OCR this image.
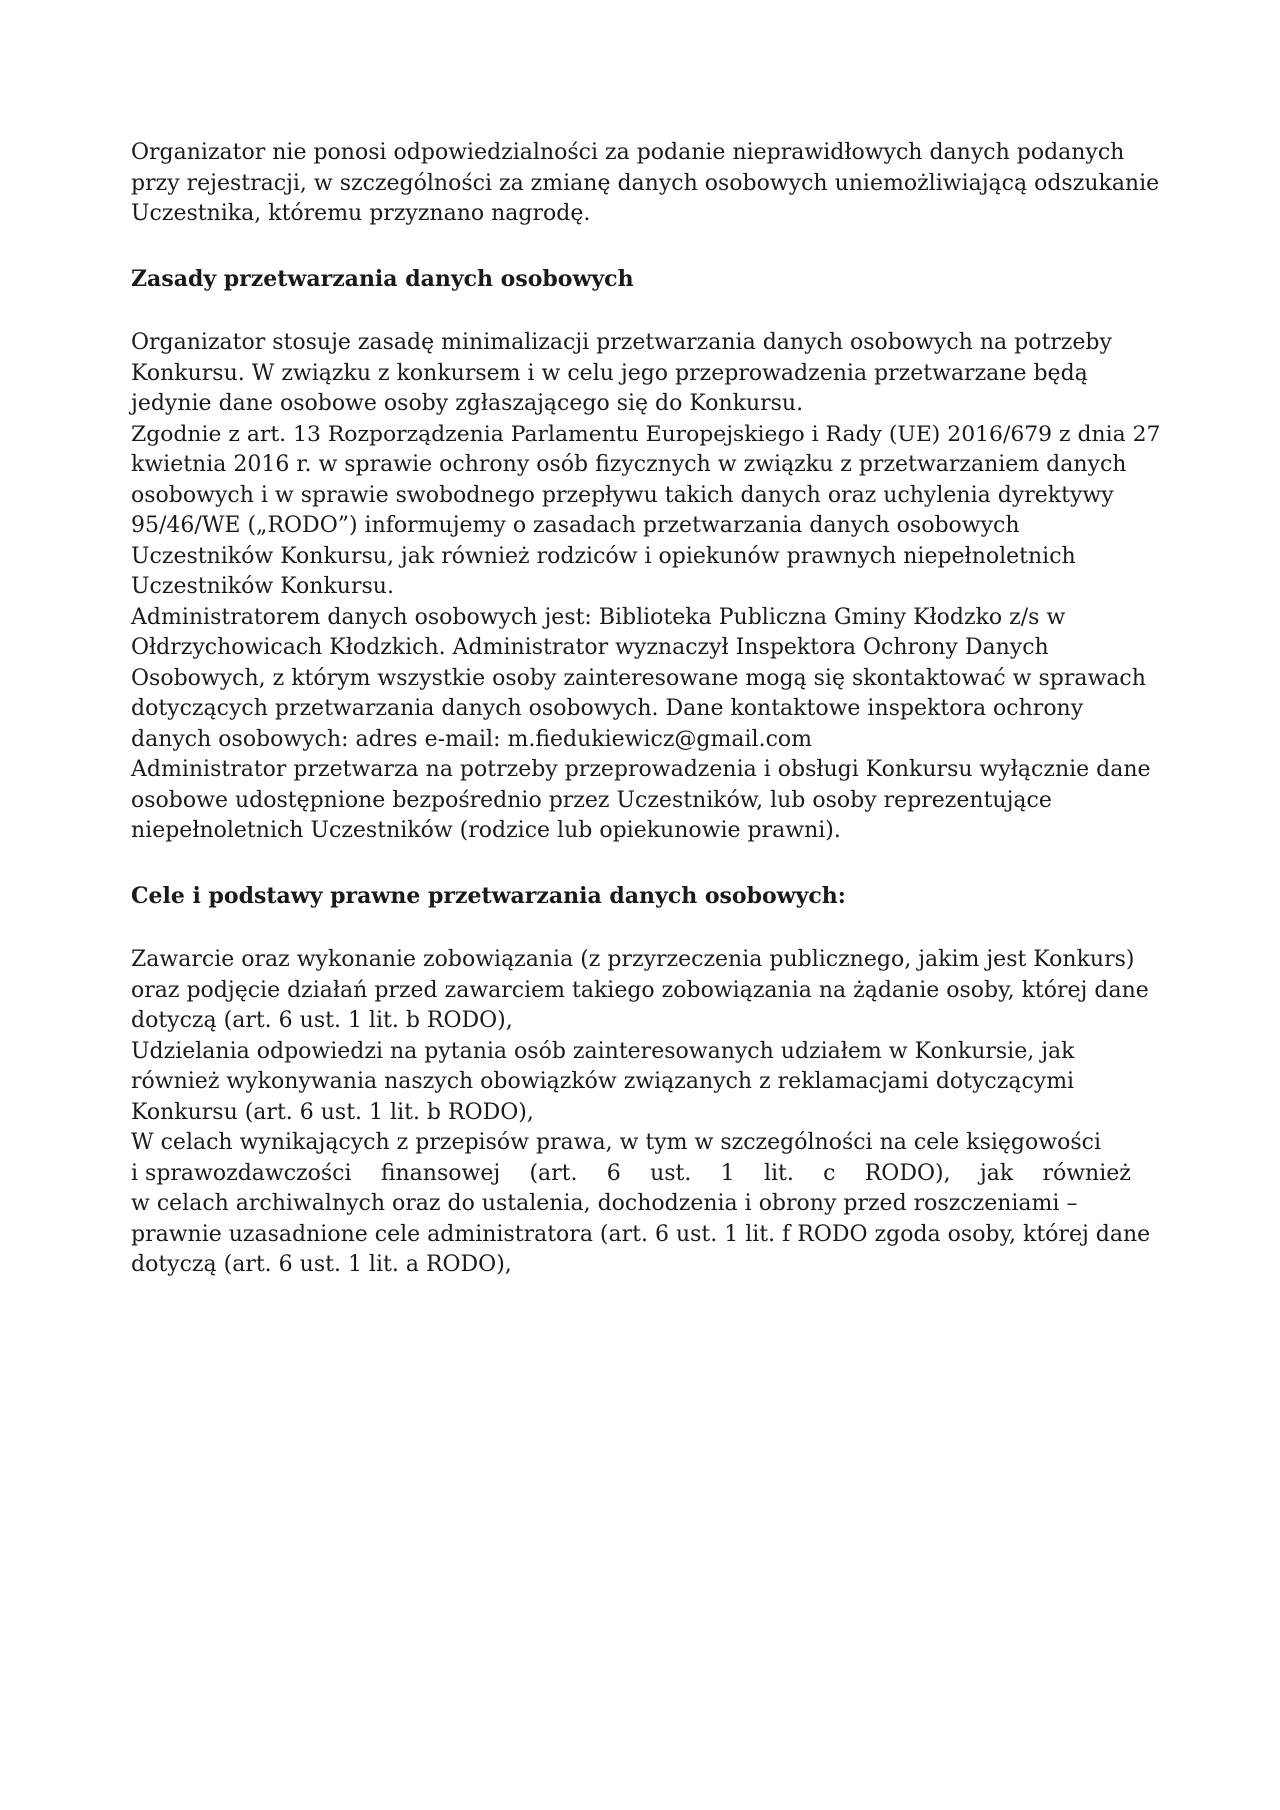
Organizator nie ponosi odpowiedzialności za podanie nieprawidłowych danych podanych
przy rejestracji, w szczególności za zmianę danych osobowych uniemożliwiającą odszukanie
Uczestnika, któremu przyznano nagrodę.
Zasady przetwarzania danych osobowych
Organizator stosuje zasadę minimalizacji przetwarzania danych osobowych na potrzeby
Konkursu. W związku z konkursem i w celu jego przeprowadzenia przetwarzane będą
jedynie dane osobowe osoby zgłaszającego się do Konkursu.
Zgodnie z art. 13 Rozporządzenia Parlamentu Europejskiego i Rady (UE) 2016/679 z dnia 27
kwietnia 2016 r. w sprawie ochrony osób fizycznych w związku z przetwarzaniem danych
osobowych i w sprawie swobodnego przepływu takich danych oraz uchylenia dyrektywy
95/46/WE („RODO”) informujemy o zasadach przetwarzania danych osobowych
Uczestników Konkursu, jak również rodziców i opiekunów prawnych niepełnoletnich
Uczestników Konkursu.
Administratorem danych osobowych jest: Biblioteka Publiczna Gminy Kłodzko z/s w
Ołdrzychowicach Kłodzkich. Administrator wyznaczył Inspektora Ochrony Danych
Osobowych, z którym wszystkie osoby zainteresowane mogą się skontaktować w sprawach
dotyczących przetwarzania danych osobowych. Dane kontaktowe inspektora ochrony
danych osobowych: adres e-mail: m.fiedukiewicz@gmail.com
Administrator przetwarza na potrzeby przeprowadzenia i obsługi Konkursu wyłącznie dane
osobowe udostępnione bezpośrednio przez Uczestników, lub osoby reprezentujące
niepełnoletnich Uczestników (rodzice lub opiekunowie prawni).
Cele i podstawy prawne przetwarzania danych osobowych:
Zawarcie oraz wykonanie zobowiązania (z przyrzeczenia publicznego, jakim jest Konkurs)
oraz podjęcie działań przed zawarciem takiego zobowiązania na żądanie osoby, której dane
dotyczą (art. 6 ust. 1 lit. b RODO),
Udzielania odpowiedzi na pytania osób zainteresowanych udziałem w Konkursie, jak
również wykonywania naszych obowiązków związanych z reklamacjami dotyczącymi
Konkursu (art. 6 ust. 1 lit. b RODO),
W celach wynikających z przepisów prawa, w tym w szczególności na cele księgowości
i sprawozdawczości finansowej (art. 6 ust. 1 lit. c RODO), jak również
w celach archiwalnych oraz do ustalenia, dochodzenia i obrony przed roszczeniami –
prawnie uzasadnione cele administratora (art. 6 ust. 1 lit. f RODO zgoda osoby, której dane
dotyczą (art. 6 ust. 1 lit. a RODO),
